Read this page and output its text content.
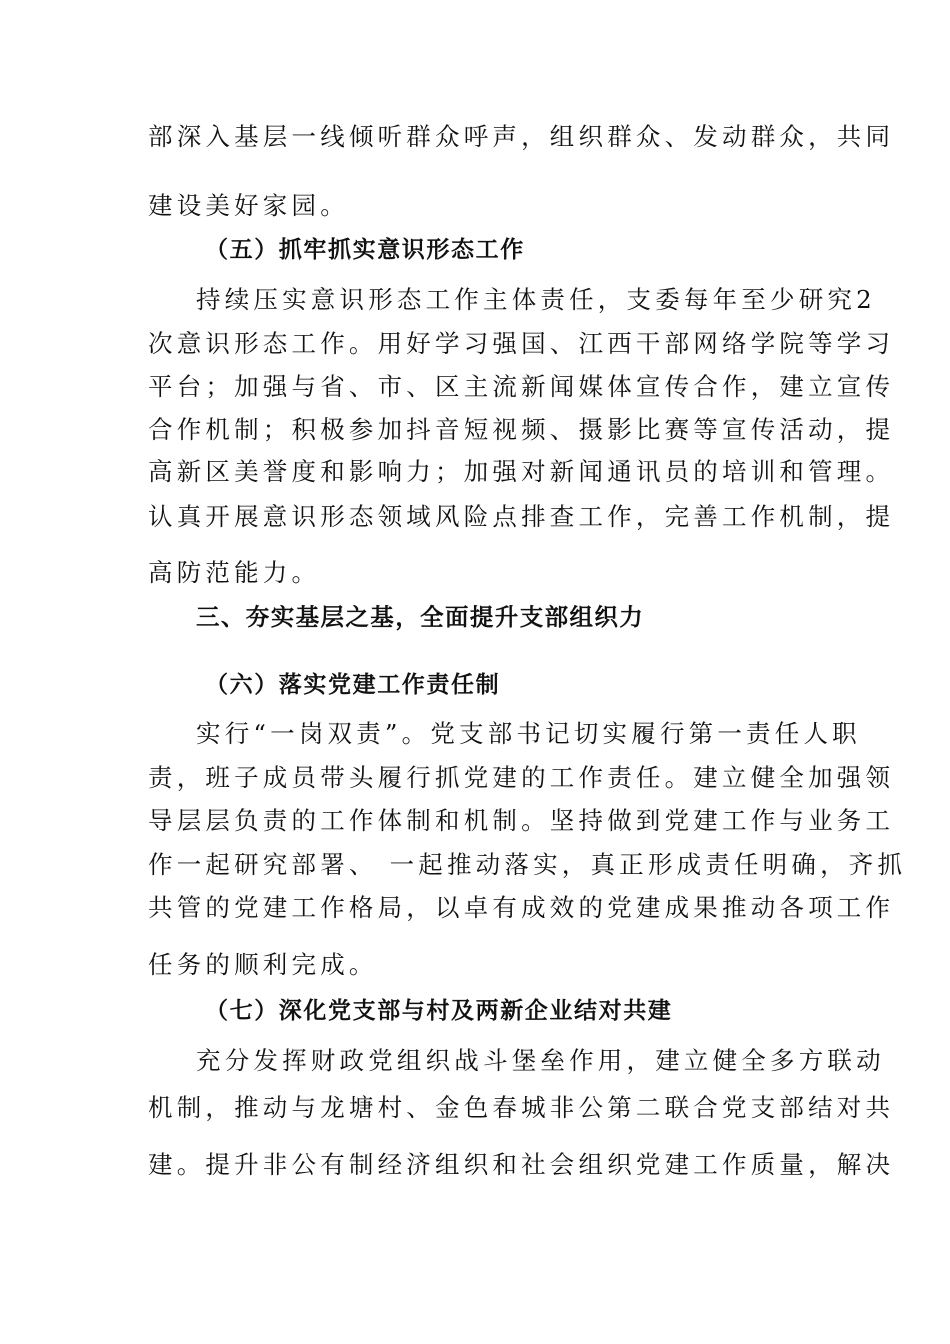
部深入基层一线倾听群众呼声，组织群众、发动群众，共同
建设美好家园。
（五）抓牢抓实意识形态工作
持续压实意识形态工作主体责任，支委每年至少研究2
次意识形态工作。用好学习强国、江西干部网络学院等学习
平台；加强与省、市、区主流新闻媒体宣传合作，建立宣传
合作机制；积极参加抖音短视频、摄影比赛等宣传活动，提
高新区美誉度和影响力；加强对新闻通讯员的培训和管理。
认真开展意识形态领域风险点排查工作，完善工作机制，提
高防范能力。
三、夯实基层之基，全面提升支部组织力
（六）落实党建工作责任制
实行“一岗双责”。党支部书记切实履行第一责任人职
责，班子成员带头履行抓党建的工作责任。建立健全加强领
导层层负责的工作体制和机制。坚持做到党建工作与业务工
作一起研究部署、 一起推动落实，真正形成责任明确，齐抓
共管的党建工作格局，以卓有成效的党建成果推动各项工作
任务的顺利完成。
（七）深化党支部与村及两新企业结对共建
充分发挥财政党组织战斗堡垒作用，建立健全多方联动
机制，推动与龙塘村、金色春城非公第二联合党支部结对共
建。提升非公有制经济组织和社会组织党建工作质量，解决
